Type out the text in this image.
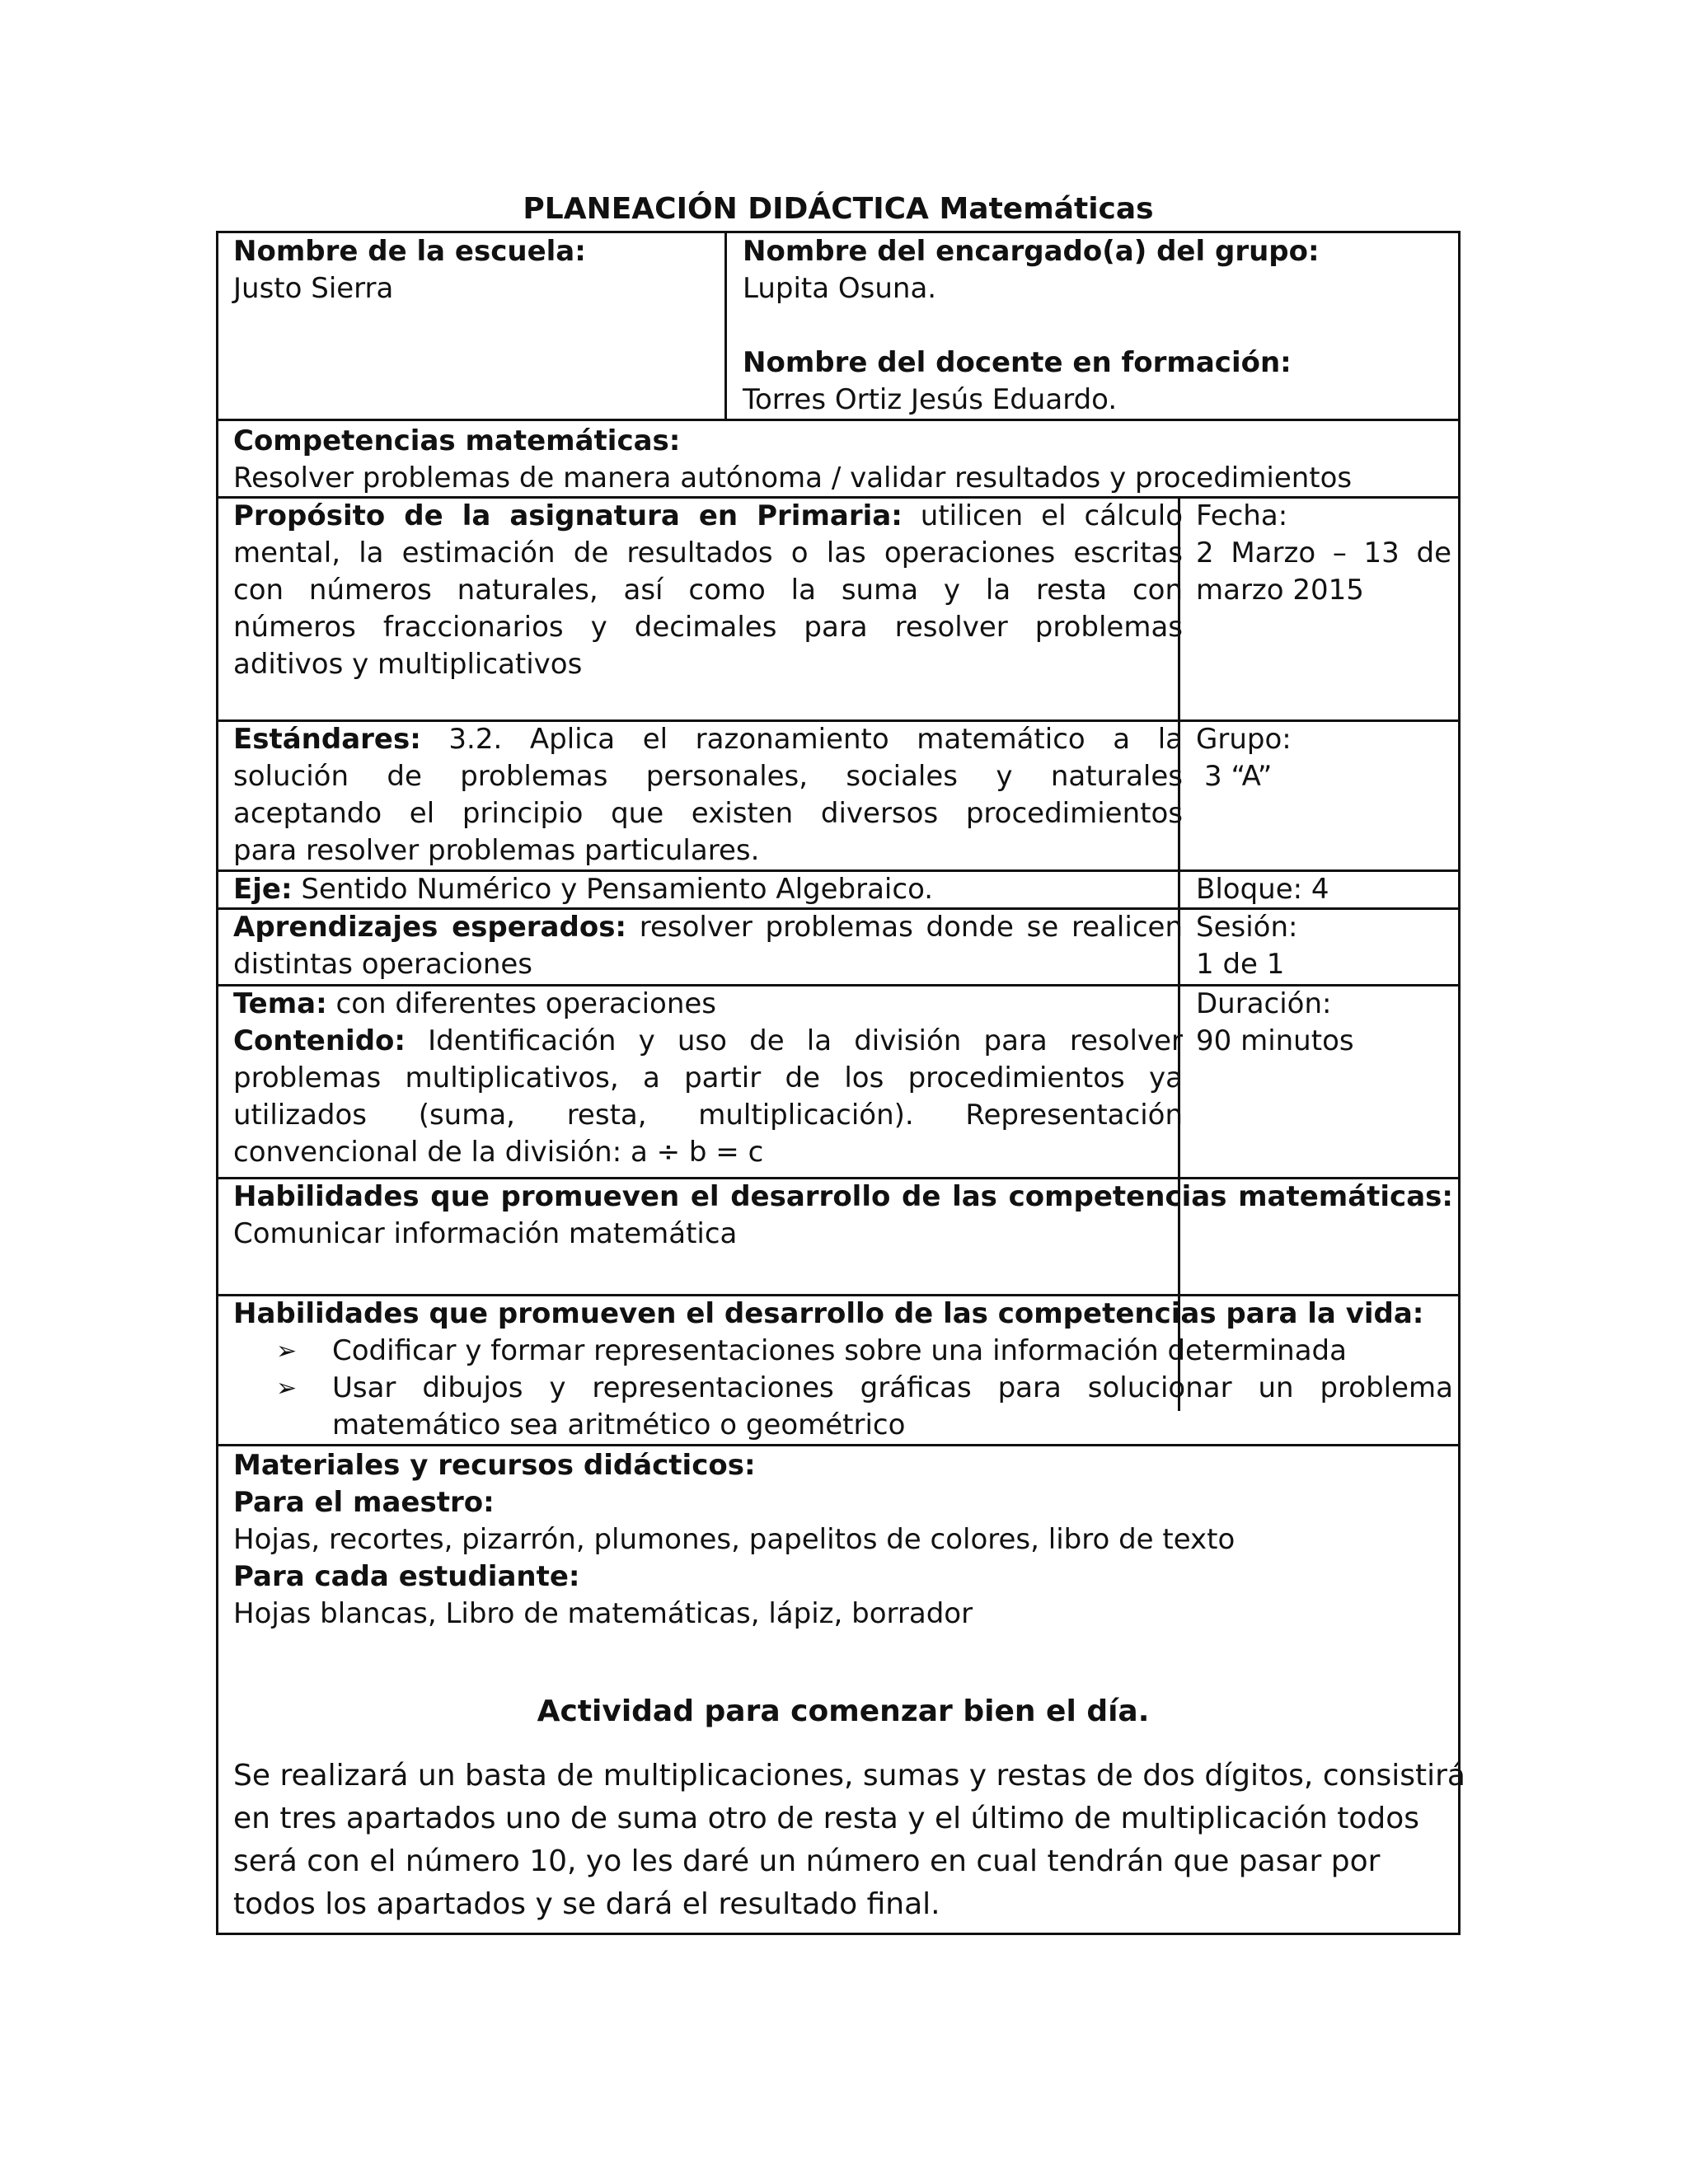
PLANEACIÓN DIDÁCTICA Matemáticas
Nombre de la escuela:
Justo Sierra
Nombre del encargado(a) del grupo:
Lupita Osuna.
Nombre del docente en formación:
Torres Ortiz Jesús Eduardo.
Competencias matemáticas:
Resolver problemas de manera autónoma / validar resultados y procedimientos
Propósito de la asignatura en Primaria: utilicen el cálculo
mental, la estimación de resultados o las operaciones escritas
con números naturales, así como la suma y la resta con
números fraccionarios y decimales para resolver problemas
aditivos y multiplicativos
Fecha:
2 Marzo – 13 de
marzo 2015
Estándares: 3.2. Aplica el razonamiento matemático a la
solución de problemas personales, sociales y naturales
aceptando el principio que existen diversos procedimientos
para resolver problemas particulares.
Grupo:
3 “A”
Eje: Sentido Numérico y Pensamiento Algebraico.	Bloque: 4
Aprendizajes esperados: resolver problemas donde se realicen
distintas operaciones
Sesión:
1 de 1
Tema: con diferentes operaciones
Contenido: Identificación y uso de la división para resolver
problemas multiplicativos, a partir de los procedimientos ya
utilizados (suma, resta, multiplicación). Representación
convencional de la división: a ÷ b = c
Duración:
90 minutos
Habilidades que promueven el desarrollo de las competencias matemáticas:
Comunicar información matemática
Habilidades que promueven el desarrollo de las competencias para la vida:
➢ Codificar y formar representaciones sobre una información determinada
➢ Usar dibujos y representaciones gráficas para solucionar un problema
matemático sea aritmético o geométrico
Materiales y recursos didácticos:
Para el maestro:
Hojas, recortes, pizarrón, plumones, papelitos de colores, libro de texto
Para cada estudiante:
Hojas blancas, Libro de matemáticas, lápiz, borrador
Actividad para comenzar bien el día.
Se realizará un basta de multiplicaciones, sumas y restas de dos dígitos, consistirá
en tres apartados uno de suma otro de resta y el último de multiplicación todos
será con el número 10, yo les daré un número en cual tendrán que pasar por
todos los apartados y se dará el resultado final.
